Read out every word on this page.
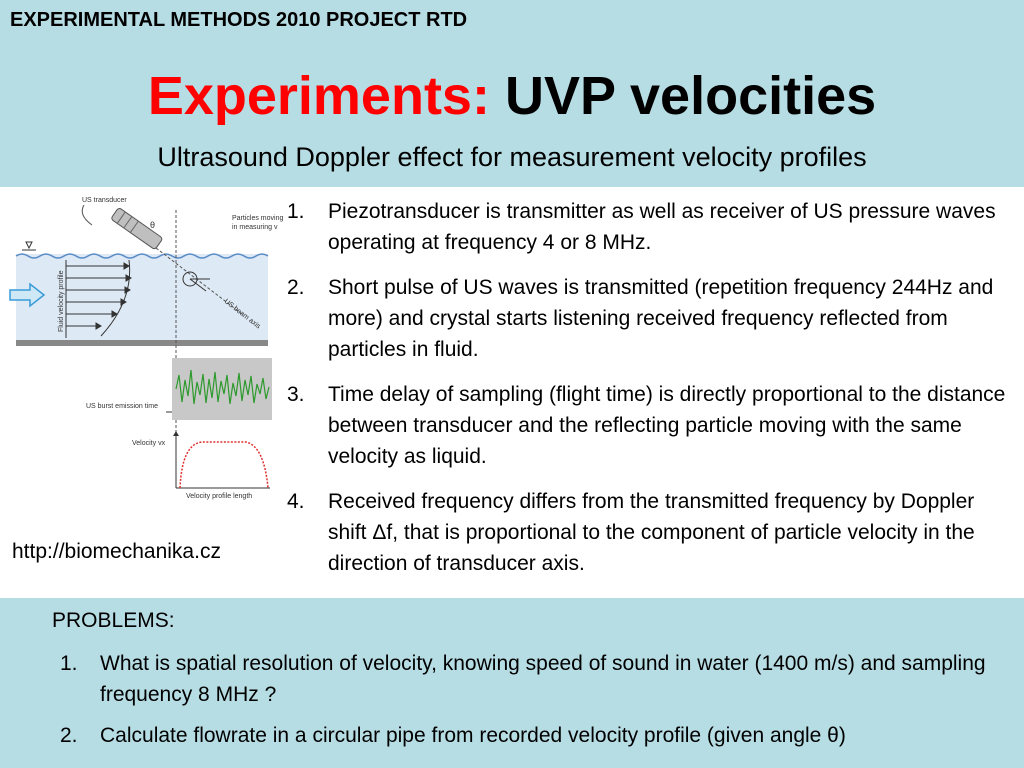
EXPERIMENTAL METHODS 2010 PROJECT RTD
Experiments: UVP velocities
Ultrasound Doppler effect for measurement velocity profiles
Fluid velocity profile
US transducer
θ
Particles moving
in measuring v
US beam axis
US burst emission time
Velocity vx
Velocity profile length
http://biomechanika.cz
1. Piezotransducer is transmitter as well as receiver of US pressure waves operating at frequency 4 or 8 MHz.
2. Short pulse of US waves is transmitted (repetition frequency 244Hz and more) and crystal starts listening received frequency reflected from particles in fluid.
3. Time delay of sampling (flight time) is directly proportional to the distance between transducer and the reflecting particle moving with the same velocity as liquid.
4. Received frequency differs from the transmitted frequency by Doppler shift Δf, that is proportional to the component of particle velocity in the direction of transducer axis.
PROBLEMS:
1. What is spatial resolution of velocity, knowing speed of sound in water (1400 m/s) and sampling frequency 8 MHz ?
2. Calculate flowrate in a circular pipe from recorded velocity profile (given angle θ)
